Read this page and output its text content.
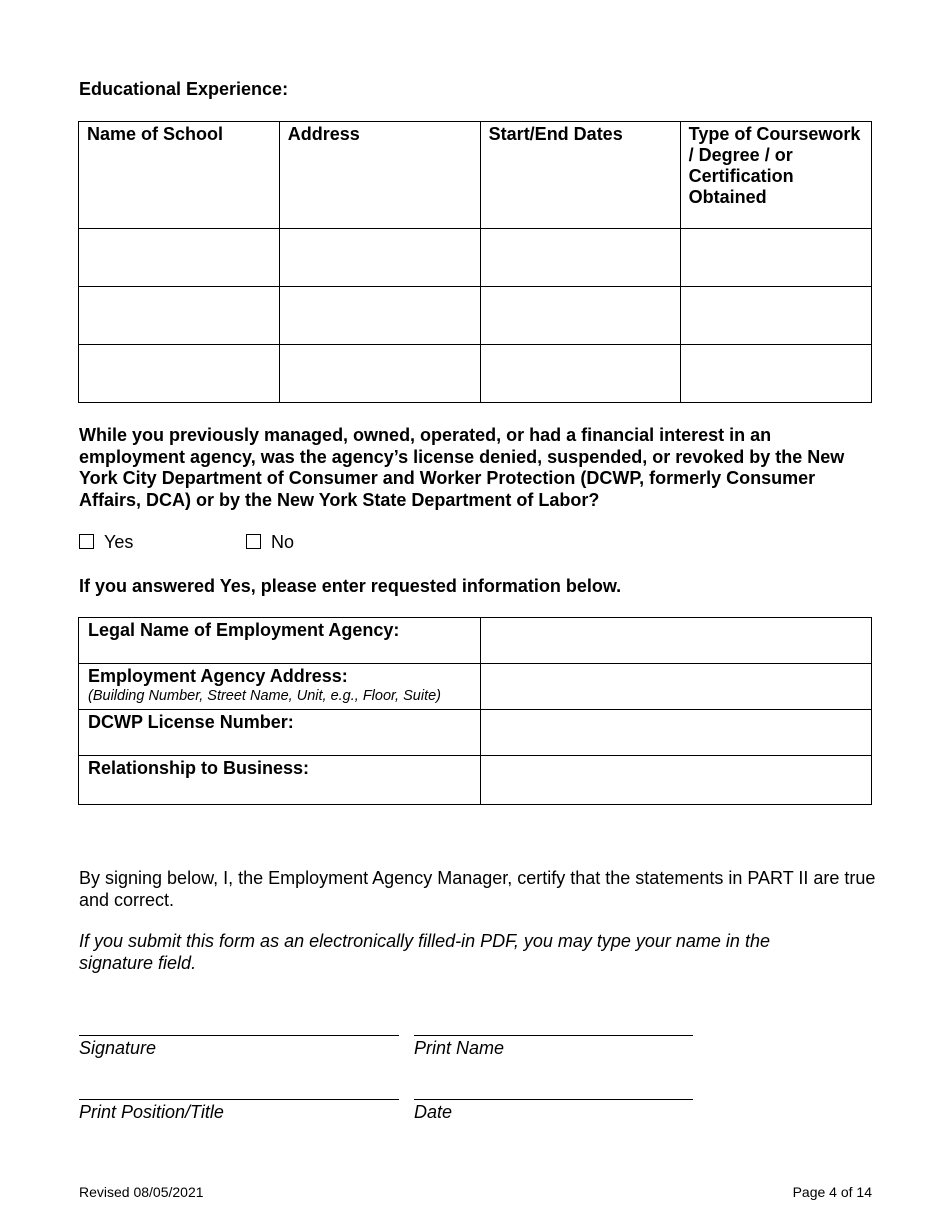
Educational Experience:
Name of School	Address	Start/End Dates	Type of Coursework / Degree / or Certification Obtained

While you previously managed, owned, operated, or had a financial interest in an employment agency, was the agency’s license denied, suspended, or revoked by the New York City Department of Consumer and Worker Protection (DCWP, formerly Consumer Affairs, DCA) or by the New York State Department of Labor?
Yes	No
If you answered Yes, please enter requested information below.
Legal Name of Employment Agency:	
Employment Agency Address:
(Building Number, Street Name, Unit, e.g., Floor, Suite)	

DCWP License Number:	
Relationship to Business:	
By signing below, I, the Employment Agency Manager, certify that the statements in PART II are true and correct.
If you submit this form as an electronically filled-in PDF, you may type your name in the signature field.
Signature	Print Name
Print Position/Title	Date
Revised 08/05/2021	Page 4 of 14
